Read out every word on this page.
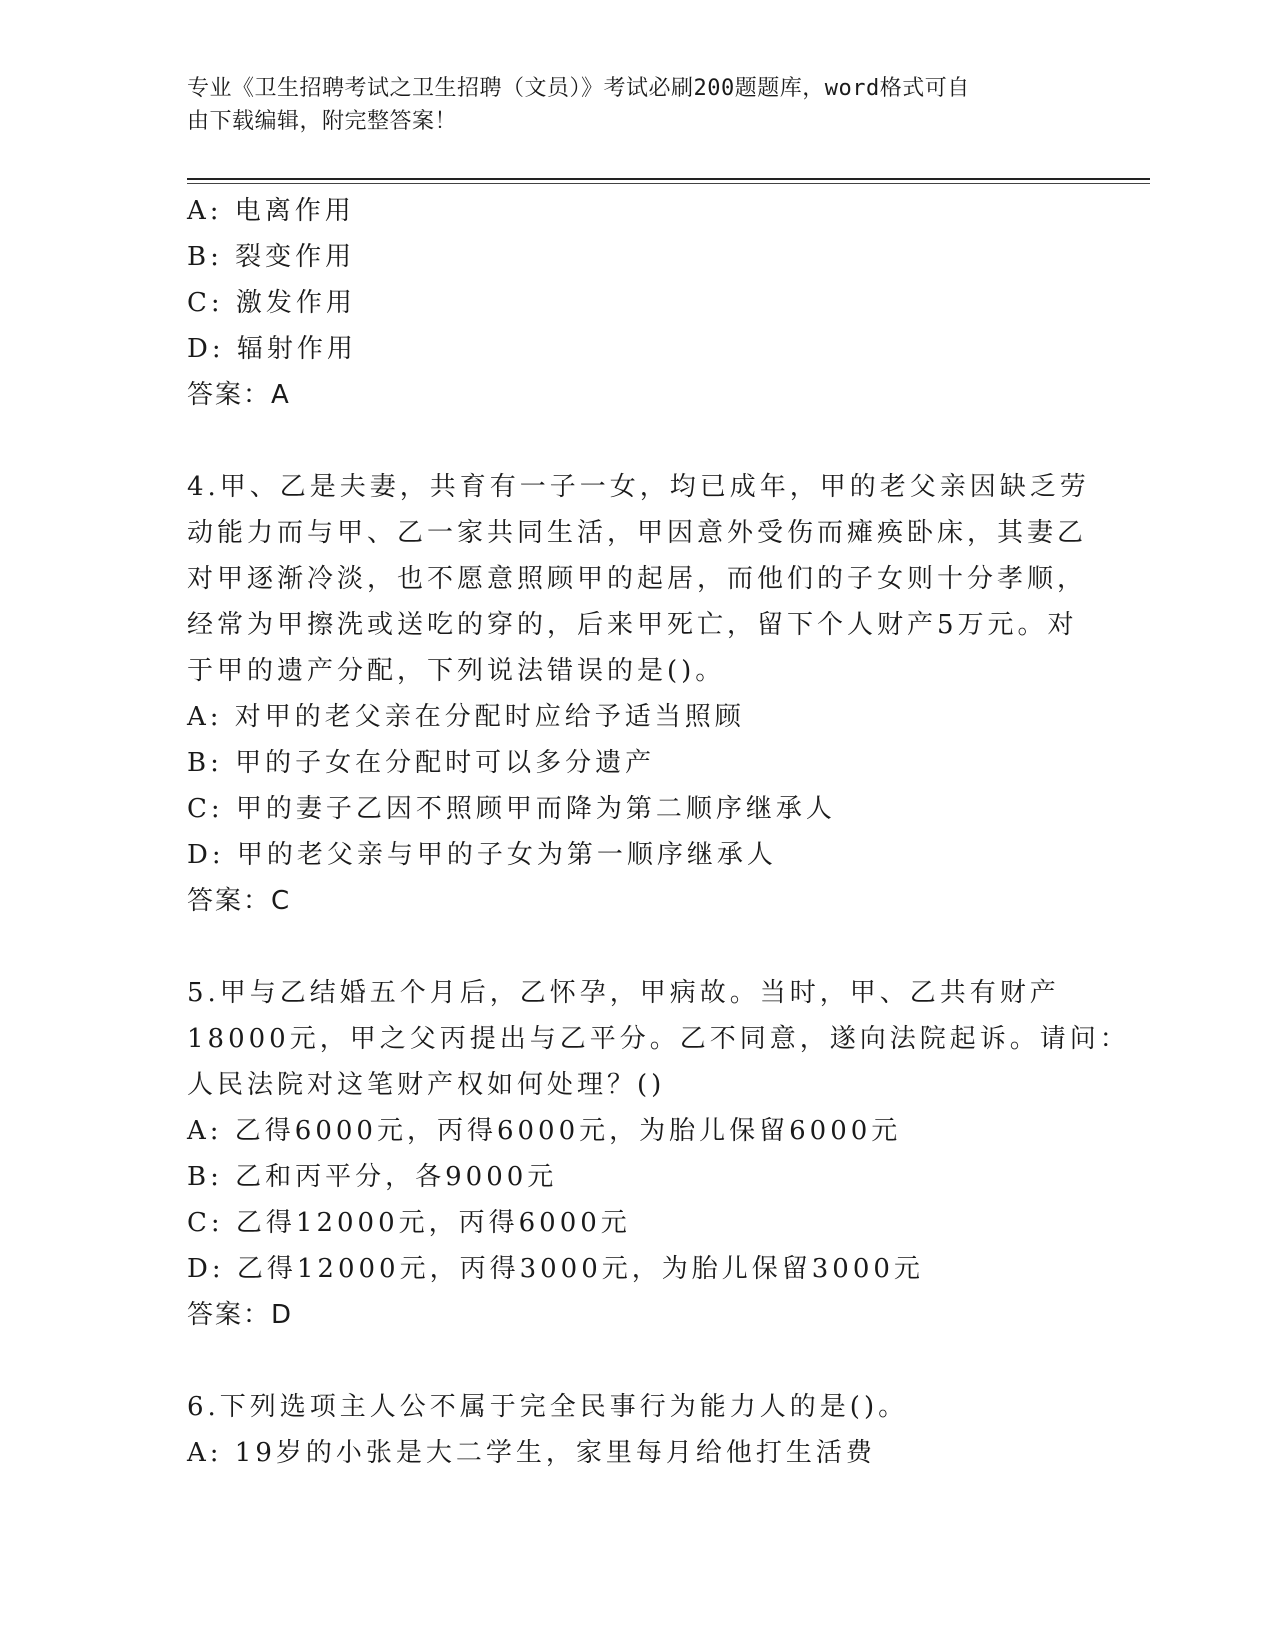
专业《卫生招聘考试之卫生招聘（文员）》考试必刷200题题库，word格式可自
由下载编辑，附完整答案！
A: 电离作用
B: 裂变作用
C: 激发作用
D: 辐射作用
答案：A
4.甲、乙是夫妻，共育有一子一女，均已成年，甲的老父亲因缺乏劳
动能力而与甲、乙一家共同生活，甲因意外受伤而瘫痪卧床，其妻乙
对甲逐渐冷淡，也不愿意照顾甲的起居，而他们的子女则十分孝顺，
经常为甲擦洗或送吃的穿的，后来甲死亡，留下个人财产5万元。对
于甲的遗产分配，下列说法错误的是()。
A: 对甲的老父亲在分配时应给予适当照顾
B: 甲的子女在分配时可以多分遗产
C: 甲的妻子乙因不照顾甲而降为第二顺序继承人
D: 甲的老父亲与甲的子女为第一顺序继承人
答案：C
5.甲与乙结婚五个月后，乙怀孕，甲病故。当时，甲、乙共有财产
18000元，甲之父丙提出与乙平分。乙不同意，遂向法院起诉。请问：
人民法院对这笔财产权如何处理？()
A: 乙得6000元，丙得6000元，为胎儿保留6000元
B: 乙和丙平分，各9000元
C: 乙得12000元，丙得6000元
D: 乙得12000元，丙得3000元，为胎儿保留3000元
答案：D
6.下列选项主人公不属于完全民事行为能力人的是()。
A: 19岁的小张是大二学生，家里每月给他打生活费
